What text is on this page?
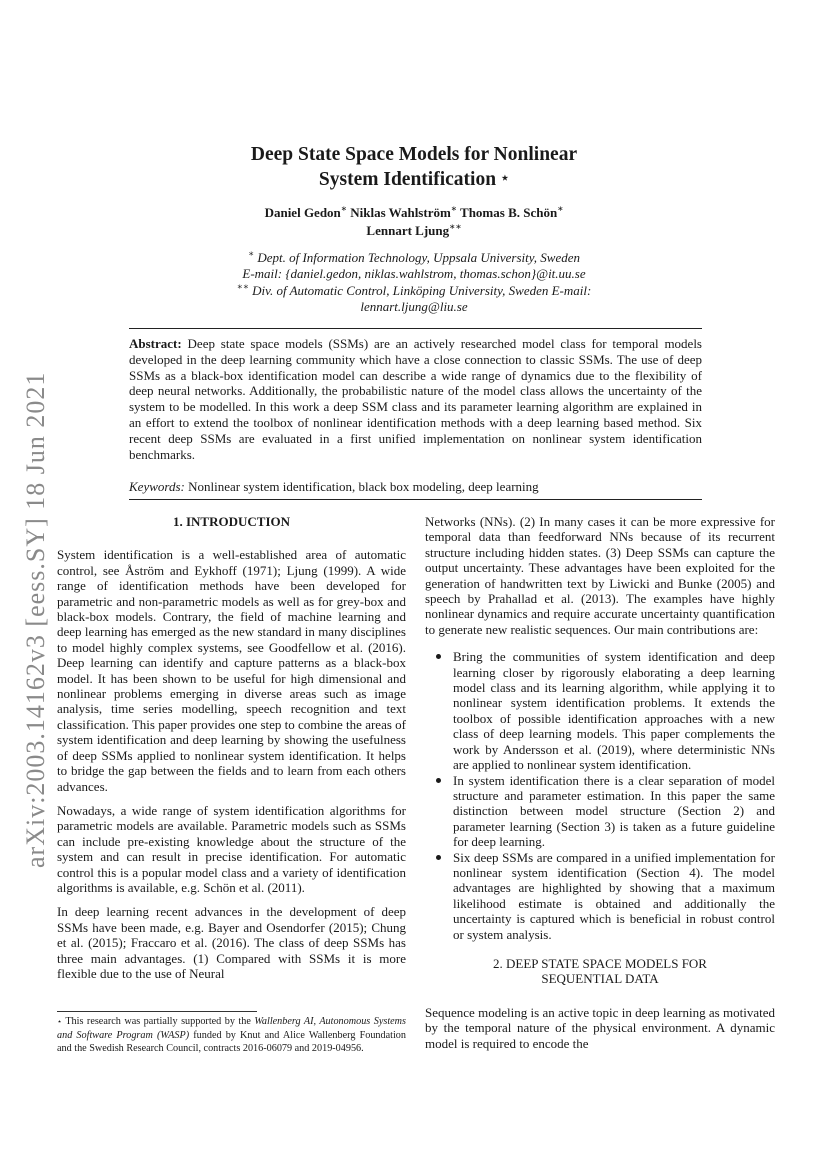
arXiv:2003.14162v3 [eess.SY] 18 Jun 2021
Deep State Space Models for Nonlinear
System Identification ⋆
Daniel Gedon∗ Niklas Wahlström∗ Thomas B. Schön∗
Lennart Ljung∗∗
∗ Dept. of Information Technology, Uppsala University, Sweden
E-mail: {daniel.gedon, niklas.wahlstrom, thomas.schon}@it.uu.se
∗∗ Div. of Automatic Control, Linköping University, Sweden E-mail:
lennart.ljung@liu.se
Abstract: Deep state space models (SSMs) are an actively researched model class for temporal models developed in the deep learning community which have a close connection to classic SSMs. The use of deep SSMs as a black-box identification model can describe a wide range of dynamics due to the flexibility of deep neural networks. Additionally, the probabilistic nature of the model class allows the uncertainty of the system to be modelled. In this work a deep SSM class and its parameter learning algorithm are explained in an effort to extend the toolbox of nonlinear identification methods with a deep learning based method. Six recent deep SSMs are evaluated in a first unified implementation on nonlinear system identification benchmarks.
Keywords: Nonlinear system identification, black box modeling, deep learning
1. INTRODUCTION

System identification is a well-established area of automatic control, see Åström and Eykhoff (1971); Ljung (1999). A wide range of identification methods have been developed for parametric and non-parametric models as well as for grey-box and black-box models. Contrary, the field of machine learning and deep learning has emerged as the new standard in many disciplines to model highly complex systems, see Goodfellow et al. (2016). Deep learning can identify and capture patterns as a black-box model. It has been shown to be useful for high dimensional and nonlinear problems emerging in diverse areas such as image analysis, time series modelling, speech recognition and text classification. This paper provides one step to combine the areas of system identification and deep learning by showing the usefulness of deep SSMs applied to nonlinear system identification. It helps to bridge the gap between the fields and to learn from each others advances.

Nowadays, a wide range of system identification algorithms for parametric models are available. Parametric models such as SSMs can include pre-existing knowledge about the structure of the system and can result in precise identification. For automatic control this is a popular model class and a variety of identification algorithms is available, e.g. Schön et al. (2011).

In deep learning recent advances in the development of deep SSMs have been made, e.g. Bayer and Osendorfer (2015); Chung et al. (2015); Fraccaro et al. (2016). The class of deep SSMs has three main advantages. (1) Compared with SSMs it is more flexible due to the use of Neural

⋆ This research was partially supported by the Wallenberg AI, Autonomous Systems and Software Program (WASP) funded by Knut and Alice Wallenberg Foundation and the Swedish Research Council, contracts 2016-06079 and 2019-04956.

Networks (NNs). (2) In many cases it can be more expressive for temporal data than feedforward NNs because of its recurrent structure including hidden states. (3) Deep SSMs can capture the output uncertainty. These advantages have been exploited for the generation of handwritten text by Liwicki and Bunke (2005) and speech by Prahallad et al. (2013). The examples have highly nonlinear dynamics and require accurate uncertainty quantification to generate new realistic sequences. Our main contributions are:

Bring the communities of system identification and deep learning closer by rigorously elaborating a deep learning model class and its learning algorithm, while applying it to nonlinear system identification problems. It extends the toolbox of possible identification approaches with a new class of deep learning models. This paper complements the work by Andersson et al. (2019), where deterministic NNs are applied to nonlinear system identification.
In system identification there is a clear separation of model structure and parameter estimation. In this paper the same distinction between model structure (Section 2) and parameter learning (Section 3) is taken as a future guideline for deep learning.
Six deep SSMs are compared in a unified implementation for nonlinear system identification (Section 4). The model advantages are highlighted by showing that a maximum likelihood estimate is obtained and additionally the uncertainty is captured which is beneficial in robust control or system analysis.
2. DEEP STATE SPACE MODELS FOR
SEQUENTIAL DATA

Sequence modeling is an active topic in deep learning as motivated by the temporal nature of the physical environment. A dynamic model is required to encode the
